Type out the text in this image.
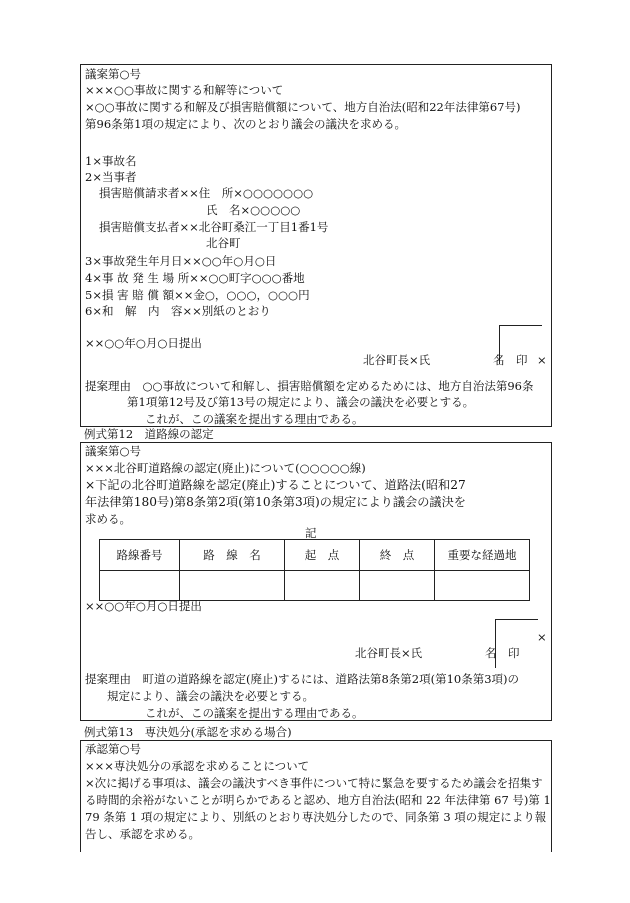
議案第○号
×××○○事故に関する和解等について
×○○事故に関する和解及び損害賠償額について、地方自治法(昭和22年法律第67号)
第96条第1項の規定により、次のとおり議会の議決を求める。
1×事故名
2×当事者
損害賠償請求者××住　所×○○○○○○○
氏　名×○○○○○
損害賠償支払者××北谷町桑江一丁目1番1号
北谷町
3×事故発生年月日××○○年○月○日
4×事 故 発 生 場 所××○○町字○○○番地
5×損 害 賠 償 額××金○，○○○，○○○円
6×和　解　内　容××別紙のとおり
××○○年○月○日提出
北谷町長×氏	名　印 ×
提案理由　○○事故について和解し、損害賠償額を定めるためには、地方自治法第96条
第1項第12号及び第13号の規定により、議会の議決を必要とする。
これが、この議案を提出する理由である。
例式第12　道路線の認定
議案第○号
×××北谷町道路線の認定(廃止)について(○○○○○線)
×下記の北谷町道路線を認定(廃止)することについて、道路法(昭和27
年法律第180号)第8条第2項(第10条第3項)の規定により議会の議決を
求める。
記
路線番号	路　線　名	起　点	終　点	重要な経過地

××○○年○月○日提出
×
北谷町長×氏	名　印
提案理由　町道の道路線を認定(廃止)するには、道路法第8条第2項(第10条第3項)の
規定により、議会の議決を必要とする。
これが、この議案を提出する理由である。
例式第13　専決処分(承認を求める場合)
承認第○号
×××専決処分の承認を求めることについて
×次に掲げる事項は、議会の議決すべき事件について特に緊急を要するため議会を招集す
る時間的余裕がないことが明らかであると認め、地方自治法(昭和 22 年法律第 67 号)第 1
79 条第 1 項の規定により、別紙のとおり専決処分したので、同条第 3 項の規定により報
告し、承認を求める。
